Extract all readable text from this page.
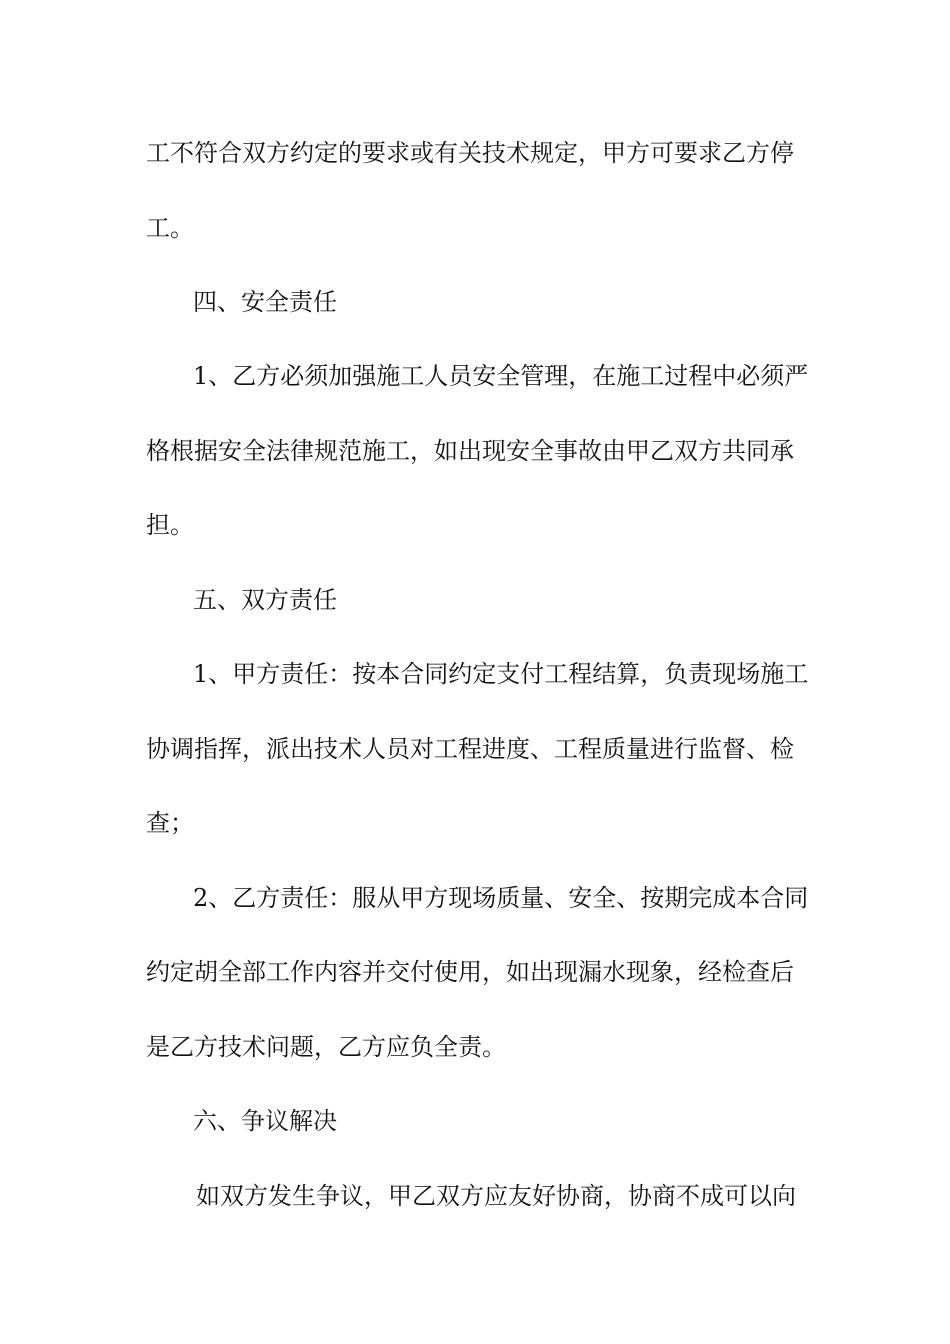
工不符合双方约定的要求或有关技术规定，甲方可要求乙方停
工。
四、安全责任
1、乙方必须加强施工人员安全管理，在施工过程中必须严
格根据安全法律规范施工，如出现安全事故由甲乙双方共同承
担。
五、双方责任
1、甲方责任：按本合同约定支付工程结算，负责现场施工
协调指挥，派出技术人员对工程进度、工程质量进行监督、检
查；
2、乙方责任：服从甲方现场质量、安全、按期完成本合同
约定胡全部工作内容并交付使用，如出现漏水现象，经检查后
是乙方技术问题，乙方应负全责。
六、争议解决
如双方发生争议，甲乙双方应友好协商，协商不成可以向
